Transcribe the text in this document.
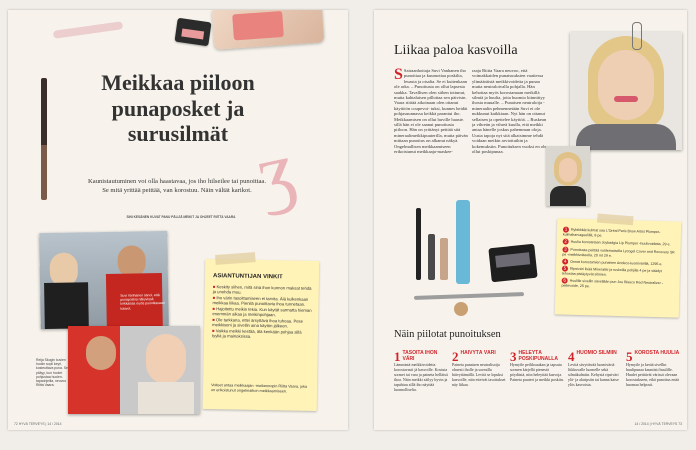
ʒ
Meikkaa piiloon punaposket ja surusilmät
Kaunistautuminen voi olla haastavaa, jos iho hilseilee tai punoittaa. Se mitä yrittää peittää, van korostuu. Näin vältät karikot.
SINI KESÄNEN KUVAT PANU PÄLIJÄ MEIKIT JA OHJEET RIITTA VAARA
Suvi Vanhanen sanoi, että punaposkia näkyvissä kirkkaissa myös punoittavaan kasvot.
Reija Skogin kuvien huolin sopii keyri, kosteuttava puna. Se pitäyy, kun hoolet pohjustaa huolen-tapaohjeilla, neuvoo Riitta Vaara.
ASIANTUNTIJAN VINKIT
■ Keskity siihen, mitä sinä ihon kunnon maksat tehdä ja unohda muu.
■ Iho värin tasoittamiseen ei tarvita. Älä kulkenkaan meikkaa liikaa. Pienilä punoittavia ihoa tunnetaan.
■ Hajoitettu meikin tekia. Kun käytät sarmatta hieman enemmän aikaa ja meikinpohjaan.
■ Ole tarkkana, ettei ärsyttävä ihoa tuhoaa. Pese meikkiseni ja sivellin aina käytön jälkeen.
■ Vaikka meikki kestää, älä kenkään pohjaa sillä tyyliä ja mainoksissa.
Voiteet antaa meikkaajan -meikennopin Riitta Vaara, joka on erikoistunut ongelmaihon meikkaamiseen.
72 HYVÄ TERVEYS | 14 / 2014
Liikaa paloa kasvoilla
S Sairaanhoitaja Suvi Vanhanen iho punoittaa ja kuumottaa poskilta, leuasta ja otsalta. Se ei kuitenkaan ole arka. – Punoitusta on ollut lapsesta saakka. Tavallisen olen siihen tottunut, mutta kahtalaisen pillottaa sen päivisin. Vaara riittää aikoinaan olen ottanut käyttöön coupevoi- tuksi, kunnes heidät pohjasuunnassa keikkä parantui iho. Meikkaamisen on ollut huville haaste. sillä hän ei ole saanut punoitusta piiloon. Hän on yrittänyt peittää sitä mineraalimeikkipuuterilla, mutta päivän mittaan punoitus on alkanut näkyä. Ongelmallisen meikkaamiseen erikoistunut meikkaaja-maskee-
raaja Riitta Vaara neuvoo, että voimakkaiden punaisuuksien vaatiessa ylimääräistä meikkivoidetta ja punaa mutta neutraloivalla pohjalla. Hän kehottaa myös korostamaan meikillä silmiä ja huulia, jotta huomio kiinnittyy ihosta muualle. – Punaisen neutraloija -mineraalin pehmennetään Suvi ei ole nukkunut kaikkiaan. Nyt hän on ottanut sellaisen ja opettelee käyttöä. – Ruskean ja vihreän ja vihreä kuulla, että meikki antaa hänelle joskus pahemman oloja. Uusia tapoja nyt sitä alkaisimme tehdä voidaan meikin arvioituihin ja kokemuksiin. Punoituksen vuoksi en ole ollut poskipunaa.
1 Rybikkkät kulmat saa L'Oréal Paris Brow Artist Plumper-kulmakarvageelillä, 8 pe.
2 Huulia korostetaan Joybadgia Lip Plumper -huulivoidetta, 29 e.
3 Punoitusta peittää voidemaisella Lycogel Cover and Recovery SK pe -meikkivoiteella, 20 mI 29 e.
4 Onnat korostumien punaisen Artdeco-luomivärillä, 1295 e.
5 Ripsiväri lisää Mineralisi ja ruskeilla pohjilla 4 pe ja säädyt tehostaa pistäytyvät silmien.
6 Huulille sivellin sävellään pun Joe Blasco Red Neutralizer -peitevoide, 25 pe.
Näin piilotat punoituksen
1 TASOITA IHON VÄRI
Lämmintä meikkivoidetta korostavasti jä kasvoille. Kostuta sormet tai vara ja paineta helläisti ihoa. Näin meikki säilyy hyvin ja tapahtuu sillä iho näyttää luonnolliselta.
2 HÄIVYTÄ VÄRI
Paineta punaisen neutralisoija ohuesti iholle ja sormilla häivyttämällä. Levitä se lopuksi kasvoille, niin etteivät tasoitukset näy liikaa.
3 HELEYTÄ POSKIPUNALLA
Hymyile peiliksuukan ja tapsuta sormen kärjellä pienestä pöydästä, niin heleyttää kasvoja. Paineta puuteri ja meikki poskiin.
4 HUOMIO SILMIIN
Levitä sävyttävää luomiväriä liikkuvalle luomelle sekä silmäkulmiin. Kehystä ripsiväri ylä- ja alaripsiin tai kanna katse ylös kasvoista.
5 KOROSTA HUULIA
Hymyile ja kerää sivellin huulipunaa kauniisti huulille. Huulet peittävät värissä olevaan korostukseen, eikä punoitus enää huomaa helposti.
14 / 2014 | HYVÄ TERVEYS 73
